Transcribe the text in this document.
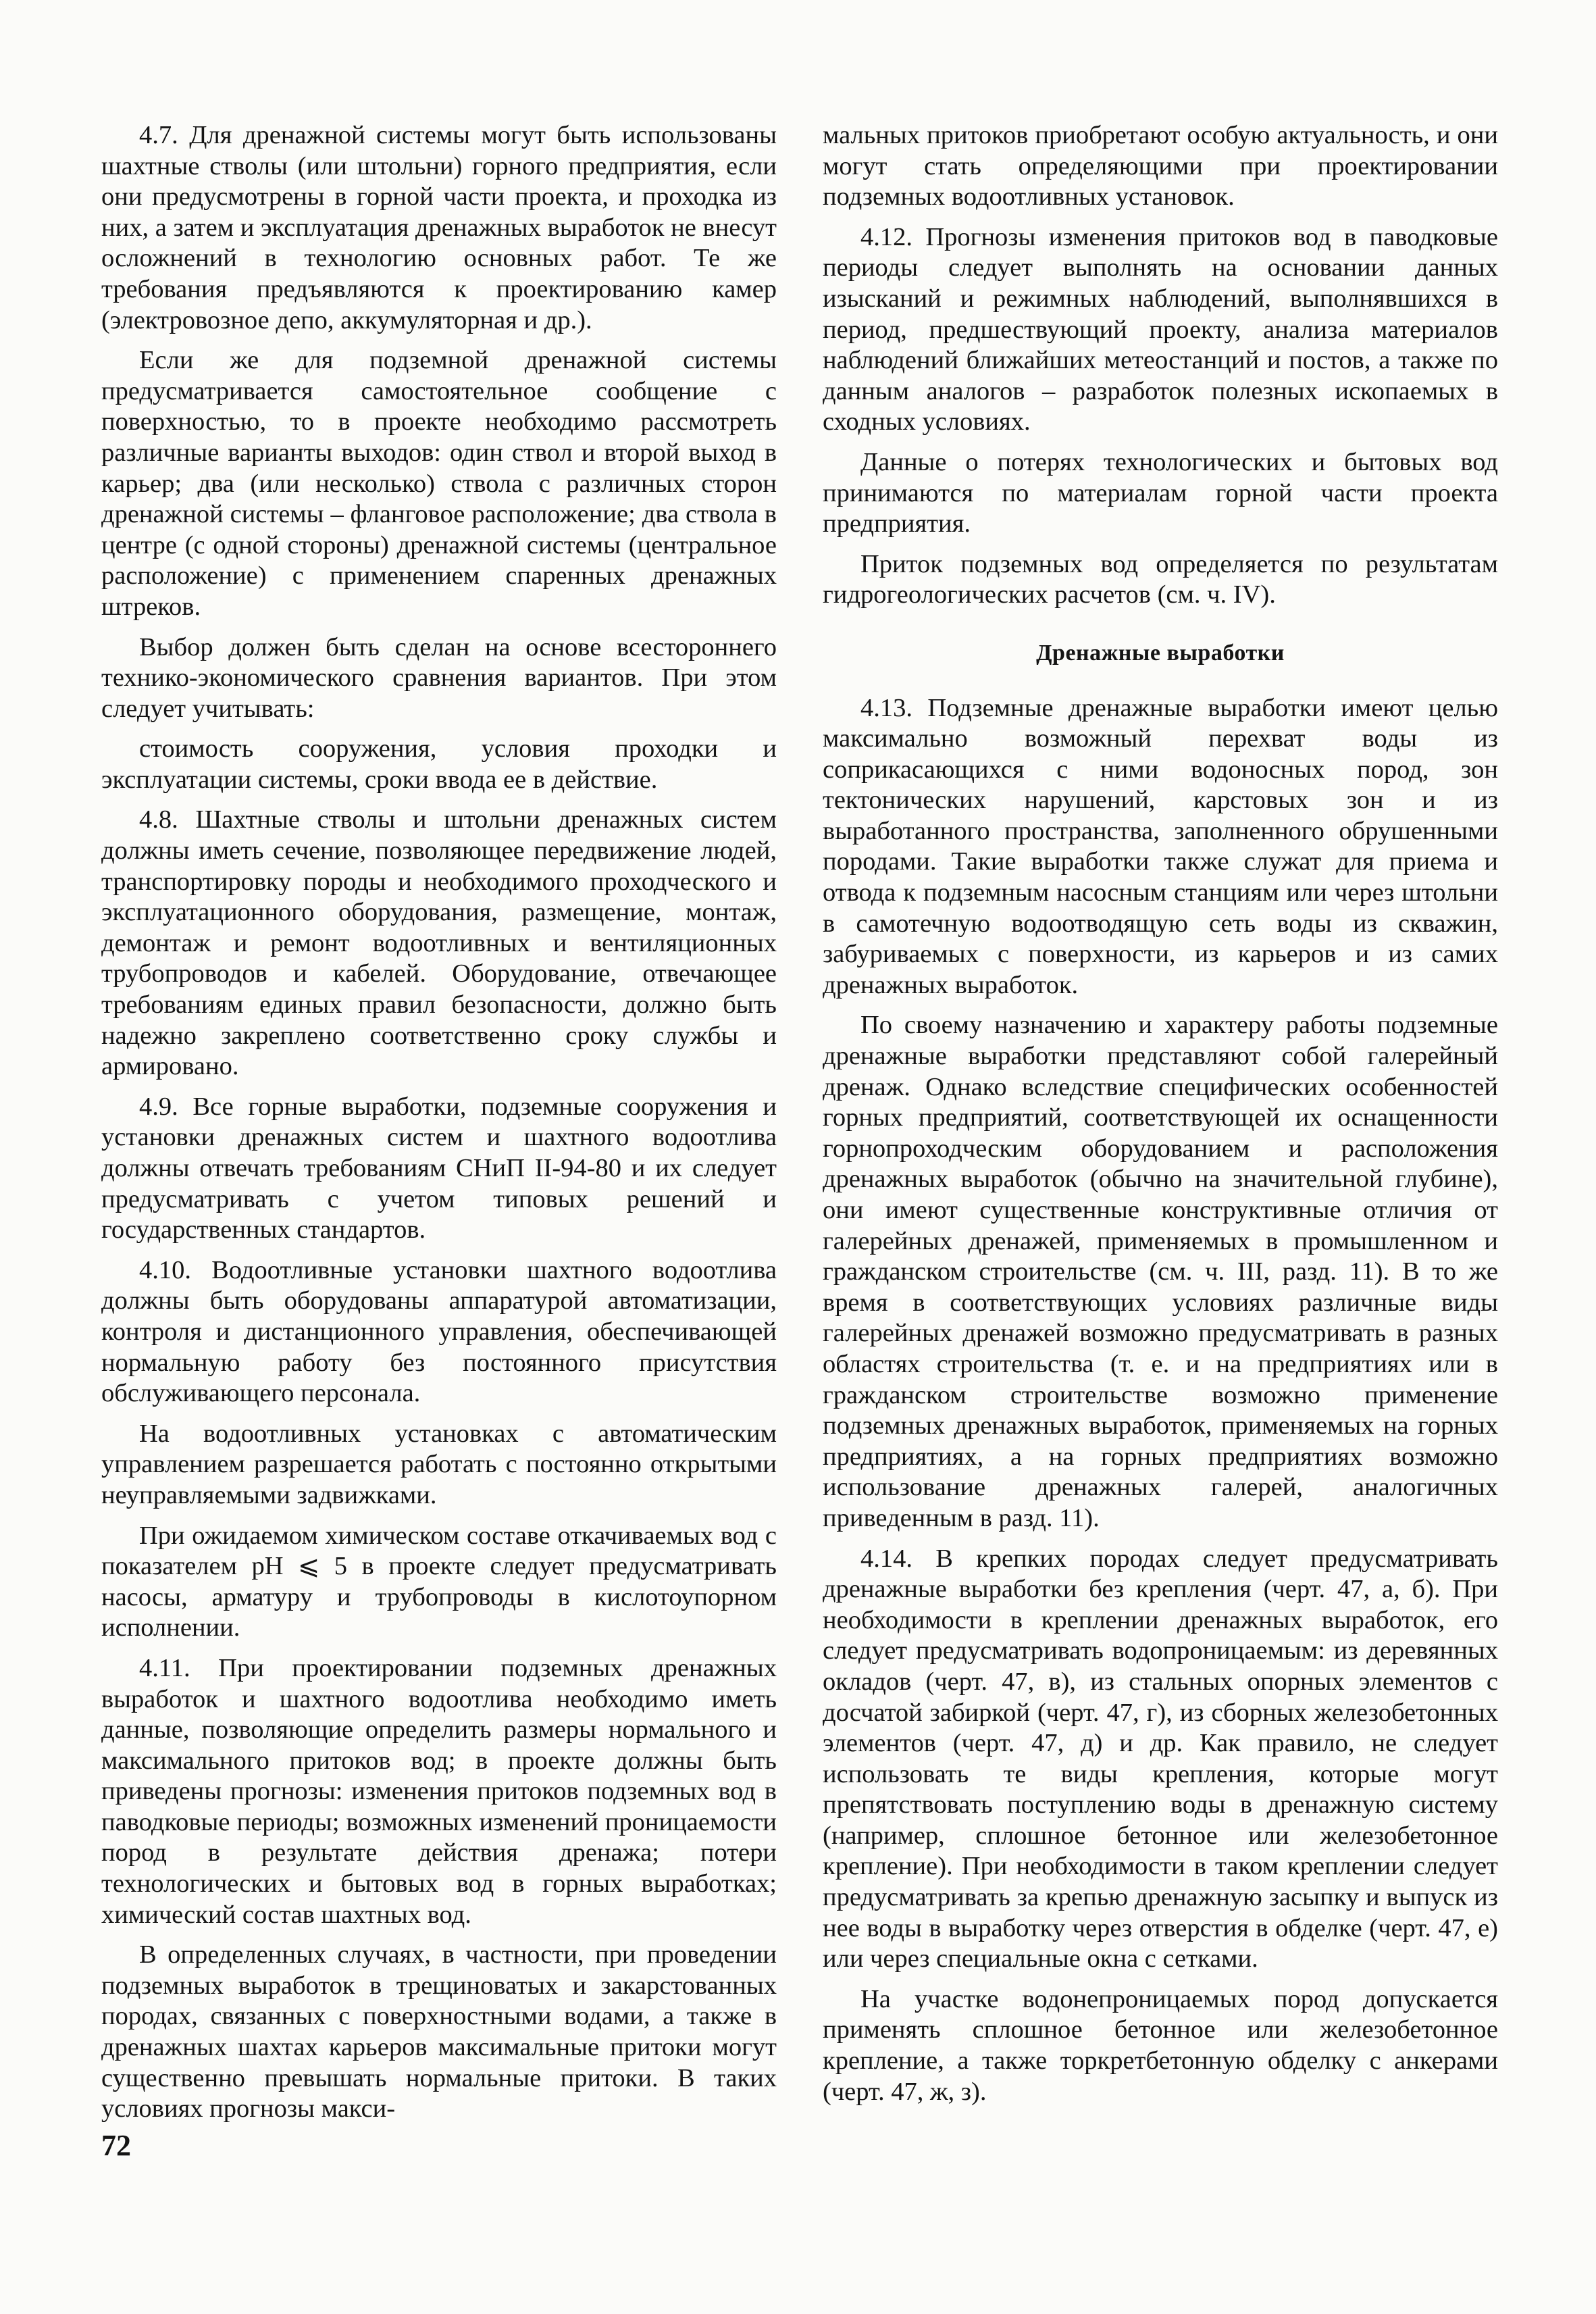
4.7. Для дренажной системы могут быть использованы шахтные стволы (или штольни) горного предприятия, если они предусмотрены в горной части проекта, и проходка из них, а затем и эксплуатация дренажных выработок не внесут осложнений в технологию основных работ. Те же требования предъявляются к проектированию камер (электровозное депо, аккумуляторная и др.).

Если же для подземной дренажной системы предусматривается самостоятельное сообщение с поверхностью, то в проекте необходимо рассмотреть различные варианты выходов: один ствол и второй выход в карьер; два (или несколько) ствола с различных сторон дренажной системы – фланговое расположение; два ствола в центре (с одной стороны) дренажной системы (центральное расположение) с применением спаренных дренажных штреков.

Выбор должен быть сделан на основе всестороннего технико-экономического сравнения вариантов. При этом следует учитывать:

стоимость сооружения, условия проходки и эксплуатации системы, сроки ввода ее в действие.

4.8. Шахтные стволы и штольни дренажных систем должны иметь сечение, позволяющее передвижение людей, транспортировку породы и необходимого проходческого и эксплуатационного оборудования, размещение, монтаж, демонтаж и ремонт водоотливных и вентиляционных трубопроводов и кабелей. Оборудование, отвечающее требованиям единых правил безопасности, должно быть надежно закреплено соответственно сроку службы и армировано.

4.9. Все горные выработки, подземные сооружения и установки дренажных систем и шахтного водоотлива должны отвечать требованиям СНиП II-94-80 и их следует предусматривать с учетом типовых решений и государственных стандартов.

4.10. Водоотливные установки шахтного водоотлива должны быть оборудованы аппаратурой автоматизации, контроля и дистанционного управления, обеспечивающей нормальную работу без постоянного присутствия обслуживающего персонала.

На водоотливных установках с автоматическим управлением разрешается работать с постоянно открытыми неуправляемыми задвижками.

При ожидаемом химическом составе откачиваемых вод с показателем pH ⩽ 5 в проекте следует предусматривать насосы, арматуру и трубопроводы в кислотоупорном исполнении.

4.11. При проектировании подземных дренажных выработок и шахтного водоотлива необходимо иметь данные, позволяющие определить размеры нормального и максимального притоков вод; в проекте должны быть приведены прогнозы: изменения притоков подземных вод в паводковые периоды; возможных изменений проницаемости пород в результате действия дренажа; потери технологических и бытовых вод в горных выработках; химический состав шахтных вод.

В определенных случаях, в частности, при проведении подземных выработок в трещиноватых и закарстованных породах, связанных с поверхностными водами, а также в дренажных шахтах карьеров максимальные притоки могут существенно превышать нормальные притоки. В таких условиях прогнозы макси-

мальных притоков приобретают особую актуальность, и они могут стать определяющими при проектировании подземных водоотливных установок.

4.12. Прогнозы изменения притоков вод в паводковые периоды следует выполнять на основании данных изысканий и режимных наблюдений, выполнявшихся в период, предшествующий проекту, анализа материалов наблюдений ближайших метеостанций и постов, а также по данным аналогов – разработок полезных ископаемых в сходных условиях.

Данные о потерях технологических и бытовых вод принимаются по материалам горной части проекта предприятия.

Приток подземных вод определяется по результатам гидрогеологических расчетов (см. ч. IV).

Дренажные выработки

4.13. Подземные дренажные выработки имеют целью максимально возможный перехват воды из соприкасающихся с ними водоносных пород, зон тектонических нарушений, карстовых зон и из выработанного пространства, заполненного обрушенными породами. Такие выработки также служат для приема и отвода к подземным насосным станциям или через штольни в самотечную водоотводящую сеть воды из скважин, забуриваемых с поверхности, из карьеров и из самих дренажных выработок.

По своему назначению и характеру работы подземные дренажные выработки представляют собой галерейный дренаж. Однако вследствие специфических особенностей горных предприятий, соответствующей их оснащенности горнопроходческим оборудованием и расположения дренажных выработок (обычно на значительной глубине), они имеют существенные конструктивные отличия от галерейных дренажей, применяемых в промышленном и гражданском строительстве (см. ч. III, разд. 11). В то же время в соответствующих условиях различные виды галерейных дренажей возможно предусматривать в разных областях строительства (т. е. и на предприятиях или в гражданском строительстве возможно применение подземных дренажных выработок, применяемых на горных предприятиях, а на горных предприятиях возможно использование дренажных галерей, аналогичных приведенным в разд. 11).

4.14. В крепких породах следует предусматривать дренажные выработки без крепления (черт. 47, а, б). При необходимости в креплении дренажных выработок, его следует предусматривать водопроницаемым: из деревянных окладов (черт. 47, в), из стальных опорных элементов с досчатой забиркой (черт. 47, г), из сборных железобетонных элементов (черт. 47, д) и др. Как правило, не следует использовать те виды крепления, которые могут препятствовать поступлению воды в дренажную систему (например, сплошное бетонное или железобетонное крепление). При необходимости в таком креплении следует предусматривать за крепью дренажную засыпку и выпуск из нее воды в выработку через отверстия в обделке (черт. 47, е) или через специальные окна с сетками.

На участке водонепроницаемых пород допускается применять сплошное бетонное или железобетонное крепление, а также торкретбетонную обделку с анкерами (черт. 47, ж, з).

72
